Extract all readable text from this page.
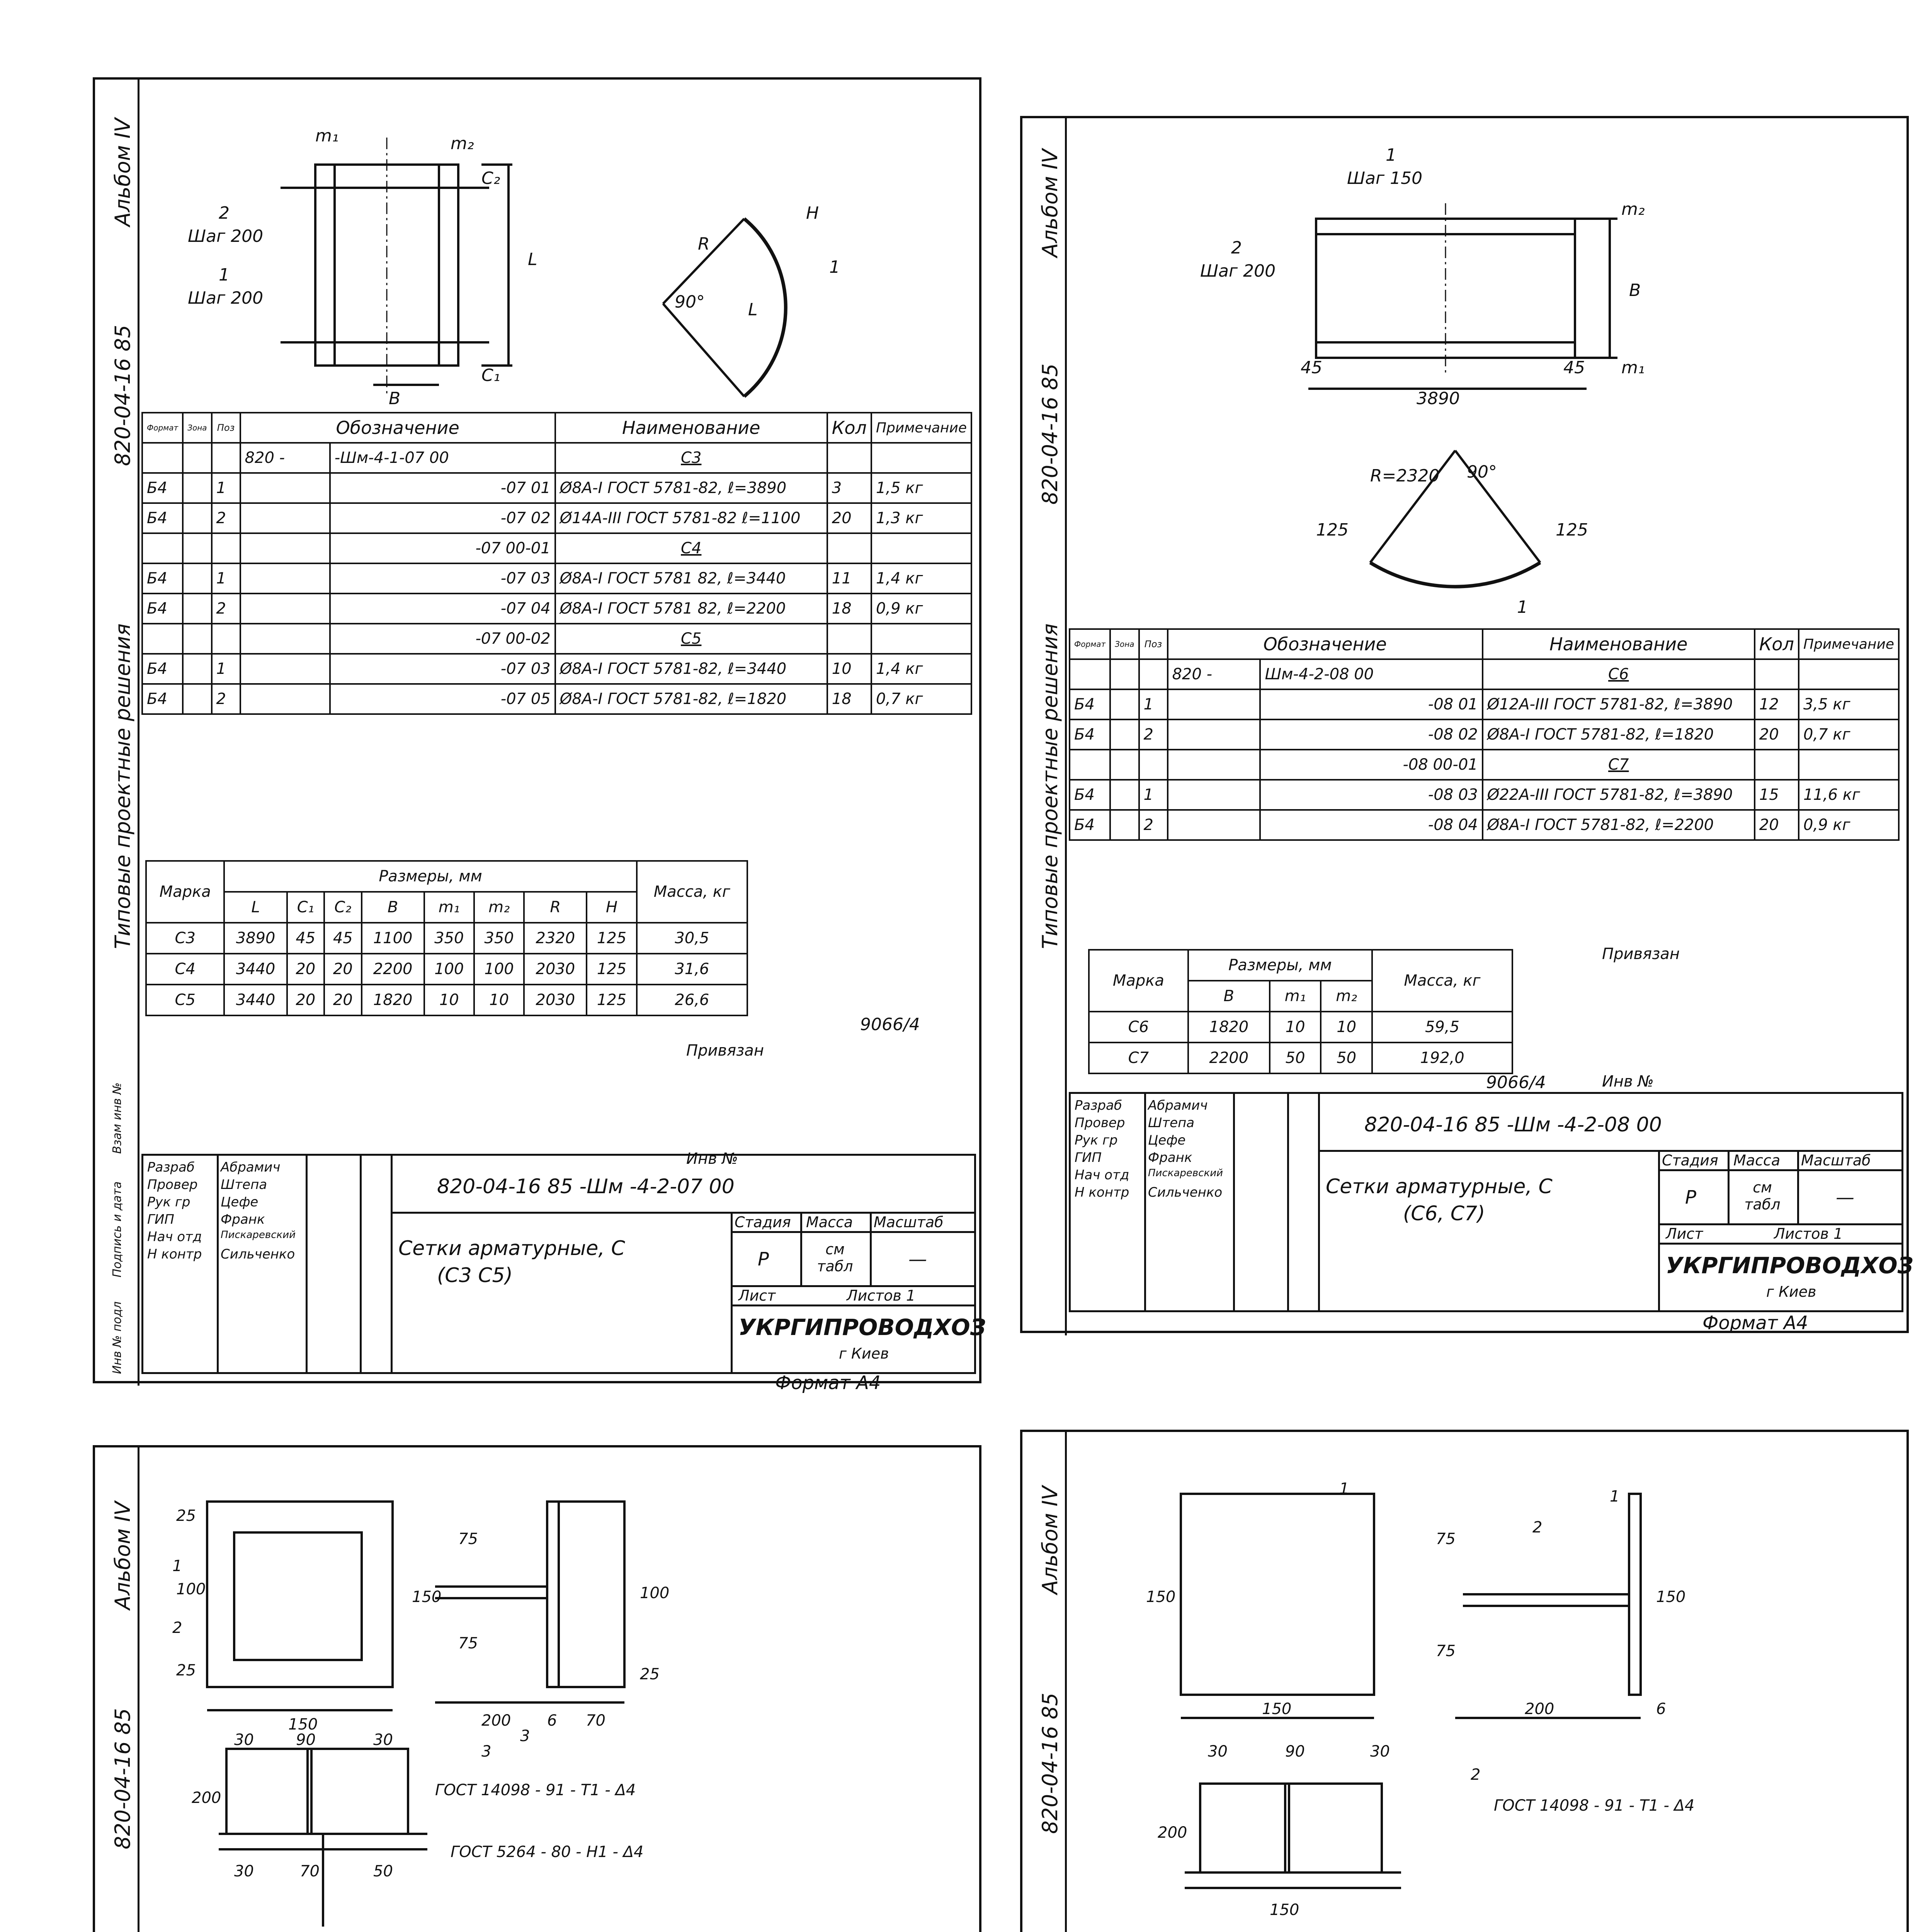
Альбом IV
820-04-16 85
Типовые проектные решения
2
Шаг 200
1
Шаг 200
m₁	m₂
L
C₂
C₁
B
R
H
L
1
90°
Формат	Зона	Поз	Обозначение		Наименование	Кол	Примечание
			820 -	-Шм-4-1-07 00	С3		
Б4		1		-07 01	Ø8А-I ГОСТ 5781-82, ℓ=3890	3	1,5 кг
Б4		2		-07 02	Ø14А-III ГОСТ 5781-82 ℓ=1100	20	1,3 кг
				-07 00-01	С4		
Б4		1		-07 03	Ø8А-I ГОСТ 5781 82, ℓ=3440	11	1,4 кг
Б4		2		-07 04	Ø8А-I ГОСТ 5781 82, ℓ=2200	18	0,9 кг
				-07 00-02	С5		
Б4		1		-07 03	Ø8А-I ГОСТ 5781-82, ℓ=3440	10	1,4 кг
Б4		2		-07 05	Ø8А-I ГОСТ 5781-82, ℓ=1820	18	0,7 кг
Марка	Размеры, мм								Масса, кг
	L	C₁	C₂	B	m₁	m₂	R	H	
С3	3890	45	45	1100	350	350	2320	125	30,5
С4	3440	20	20	2200	100	100	2030	125	31,6
С5	3440	20	20	1820	10	10	2030	125	26,6
9066/4
Привязан
Инв №
Инв № подл
Подпись и дата
Взам инв №
Разраб
Провер
Рук гр
ГИП
Нач отд
Н контр
Абрамич
Штепа
Цефе
Франк
Пискаревский
Сильченко
820-04-16 85 -Шм -4-2-07 00
Сетки арматурные, С
(С3 С5)
Стадия Масса Масштаб
Р	см табл	—
Лист	Листов 1
УКРГИПРОВОДХОЗ
г Киев
Формат А4
Альбом IV
820-04-16 85
Типовые проектные решения
1
Шаг 150
2
Шаг 200
m₂
B
m₁
45
3890
45
R=2320 90°
125	125
1
Формат	Зона	Поз	Обозначение		Наименование	Кол	Примечание
			820 -	Шм-4-2-08 00	С6		
Б4		1		-08 01	Ø12А-III ГОСТ 5781-82, ℓ=3890	12	3,5 кг
Б4		2		-08 02	Ø8А-I ГОСТ 5781-82, ℓ=1820	20	0,7 кг
				-08 00-01	С7		
Б4		1		-08 03	Ø22А-III ГОСТ 5781-82, ℓ=3890	15	11,6 кг
Б4		2		-08 04	Ø8А-I ГОСТ 5781-82, ℓ=2200	20	0,9 кг
Марка	Размеры, мм			Масса, кг
	B	m₁	m₂	
С6	1820	10	10	59,5
С7	2200	50	50	192,0
9066/4
Привязан
Инв №
Разраб
Провер
Рук гр
ГИП
Нач отд
Н контр
Абрамич
Штепа
Цефе
Франк
Пискаревский
Сильченко
820-04-16 85 -Шм -4-2-08 00
Сетки арматурные, С
(С6, С7)
Стадия Масса Масштаб
Р	см табл	—
Лист	Листов 1
УКРГИПРОВОДХОЗ
г Киев
Формат А4
Альбом IV
820-04-16 85
25
1
100
2
25
150
150
75
75
100
25
200 6 70
3
30	90	30
3
200
30	70	50
ГОСТ 14098 - 91 - Т1 - Δ4
ГОСТ 5264 - 80 - Н1 - Δ4

Альбом IV
820-04-16 85
1
2
1
150
75
75
150
150	200	6
30	90	30
2
200
150
ГОСТ 14098 - 91 - Т1 - Δ4
